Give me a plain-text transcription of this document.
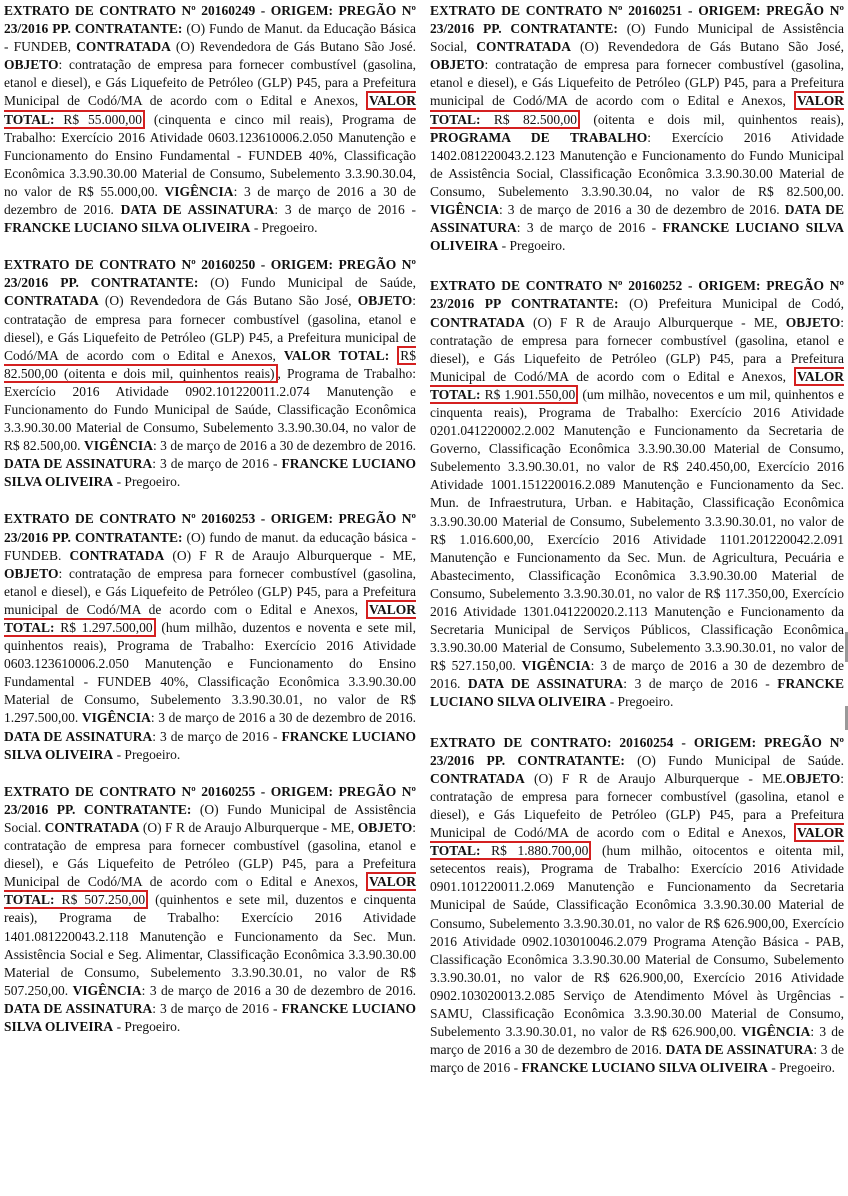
EXTRATO DE CONTRATO Nº 20160249 - ORIGEM: PREGÃO Nº 23/2016 PP. CONTRATANTE: (O) Fundo de Manut. da Educação Básica - FUNDEB, CONTRATADA (O) Revendedora de Gás Butano São José. OBJETO: contratação de empresa para fornecer combustível (gasolina, etanol e diesel), e Gás Liquefeito de Petróleo (GLP) P45, para a Prefeitura Municipal de Codó/MA de acordo com o Edital e Anexos, VALOR TOTAL: R$ 55.000,00 (cinquenta e cinco mil reais), Programa de Trabalho: Exercício 2016 Atividade 0603.123610006.2.050 Manutenção e Funcionamento do Ensino Fundamental - FUNDEB 40%, Classificação Econômica 3.3.90.30.00 Material de Consumo, Subelemento 3.3.90.30.04, no valor de R$ 55.000,00. VIGÊNCIA: 3 de março de 2016 a 30 de dezembro de 2016. DATA DE ASSINATURA: 3 de março de 2016 - FRANCKE LUCIANO SILVA OLIVEIRA - Pregoeiro.

EXTRATO DE CONTRATO Nº 20160250 - ORIGEM: PREGÃO Nº 23/2016 PP. CONTRATANTE: (O) Fundo Municipal de Saúde, CONTRATADA (O) Revendedora de Gás Butano São José, OBJETO: contratação de empresa para fornecer combustível (gasolina, etanol e diesel), e Gás Liquefeito de Petróleo (GLP) P45, a Prefeitura municipal de Codó/MA de acordo com o Edital e Anexos, VALOR TOTAL: R$ 82.500,00 (oitenta e dois mil, quinhentos reais) , Programa de Trabalho: Exercício 2016 Atividade 0902.101220011.2.074 Manutenção e Funcionamento do Fundo Municipal de Saúde, Classificação Econômica 3.3.90.30.00 Material de Consumo, Subelemento 3.3.90.30.04, no valor de R$ 82.500,00. VIGÊNCIA: 3 de março de 2016 a 30 de dezembro de 2016. DATA DE ASSINATURA: 3 de março de 2016 - FRANCKE LUCIANO SILVA OLIVEIRA - Pregoeiro.

EXTRATO DE CONTRATO Nº 20160253 - ORIGEM: PREGÃO Nº 23/2016 PP. CONTRATANTE: (O) fundo de manut. da educação básica - FUNDEB. CONTRATADA (O) F R de Araujo Alburquerque - ME, OBJETO: contratação de empresa para fornecer combustível (gasolina, etanol e diesel), e Gás Liquefeito de Petróleo (GLP) P45, para a Prefeitura municipal de Codó/MA de acordo com o Edital e Anexos, VALOR TOTAL: R$ 1.297.500,00 (hum milhão, duzentos e noventa e sete mil, quinhentos reais), Programa de Trabalho: Exercício 2016 Atividade 0603.123610006.2.050 Manutenção e Funcionamento do Ensino Fundamental - FUNDEB 40%, Classificação Econômica 3.3.90.30.00 Material de Consumo, Subelemento 3.3.90.30.01, no valor de R$ 1.297.500,00. VIGÊNCIA: 3 de março de 2016 a 30 de dezembro de 2016. DATA DE ASSINATURA: 3 de março de 2016 - FRANCKE LUCIANO SILVA OLIVEIRA - Pregoeiro.

EXTRATO DE CONTRATO Nº 20160255 - ORIGEM: PREGÃO Nº 23/2016 PP. CONTRATANTE: (O) Fundo Municipal de Assistência Social. CONTRATADA (O) F R de Araujo Alburquerque - ME, OBJETO: contratação de empresa para fornecer combustível (gasolina, etanol e diesel), e Gás Liquefeito de Petróleo (GLP) P45, para a Prefeitura Municipal de Codó/MA de acordo com o Edital e Anexos, VALOR TOTAL: R$ 507.250,00 (quinhentos e sete mil, duzentos e cinquenta reais), Programa de Trabalho: Exercício 2016 Atividade 1401.081220043.2.118 Manutenção e Funcionamento da Sec. Mun. Assistência Social e Seg. Alimentar, Classificação Econômica 3.3.90.30.00 Material de Consumo, Subelemento 3.3.90.30.01, no valor de R$ 507.250,00. VIGÊNCIA: 3 de março de 2016 a 30 de dezembro de 2016. DATA DE ASSINATURA: 3 de março de 2016 - FRANCKE LUCIANO SILVA OLIVEIRA - Pregoeiro.

EXTRATO DE CONTRATO Nº 20160251 - ORIGEM: PREGÃO Nº 23/2016 PP. CONTRATANTE: (O) Fundo Municipal de Assistência Social, CONTRATADA (O) Revendedora de Gás Butano São José, OBJETO: contratação de empresa para fornecer combustível (gasolina, etanol e diesel), e Gás Liquefeito de Petróleo (GLP) P45, para a Prefeitura municipal de Codó/MA de acordo com o Edital e Anexos, VALOR TOTAL: R$ 82.500,00 (oitenta e dois mil, quinhentos reais), PROGRAMA DE TRABALHO: Exercício 2016 Atividade 1402.081220043.2.123 Manutenção e Funcionamento do Fundo Municipal de Assistência Social, Classificação Econômica 3.3.90.30.00 Material de Consumo, Subelemento 3.3.90.30.04, no valor de R$ 82.500,00. VIGÊNCIA: 3 de março de 2016 a 30 de dezembro de 2016. DATA DE ASSINATURA: 3 de março de 2016 - FRANCKE LUCIANO SILVA OLIVEIRA - Pregoeiro.

EXTRATO DE CONTRATO Nº 20160252 - ORIGEM: PREGÃO Nº 23/2016 PP CONTRATANTE: (O) Prefeitura Municipal de Codó, CONTRATADA (O) F R de Araujo Alburquerque - ME, OBJETO: contratação de empresa para fornecer combustível (gasolina, etanol e diesel), e Gás Liquefeito de Petróleo (GLP) P45, para a Prefeitura Municipal de Codó/MA de acordo com o Edital e Anexos, VALOR TOTAL: R$ 1.901.550,00 (um milhão, novecentos e um mil, quinhentos e cinquenta reais), Programa de Trabalho: Exercício 2016 Atividade 0201.041220002.2.002 Manutenção e Funcionamento da Secretaria de Governo, Classificação Econômica 3.3.90.30.00 Material de Consumo, Subelemento 3.3.90.30.01, no valor de R$ 240.450,00, Exercício 2016 Atividade 1001.151220016.2.089 Manutenção e Funcionamento da Sec. Mun. de Infraestrutura, Urban. e Habitação, Classificação Econômica 3.3.90.30.00 Material de Consumo, Subelemento 3.3.90.30.01, no valor de R$ 1.016.600,00, Exercício 2016 Atividade 1101.201220042.2.091 Manutenção e Funcionamento da Sec. Mun. de Agricultura, Pecuária e Abastecimento, Classificação Econômica 3.3.90.30.00 Material de Consumo, Subelemento 3.3.90.30.01, no valor de R$ 117.350,00, Exercício 2016 Atividade 1301.041220020.2.113 Manutenção e Funcionamento da Secretaria Municipal de Serviços Públicos, Classificação Econômica 3.3.90.30.00 Material de Consumo, Subelemento 3.3.90.30.01, no valor de R$ 527.150,00. VIGÊNCIA: 3 de março de 2016 a 30 de dezembro de 2016. DATA DE ASSINATURA: 3 de março de 2016 - FRANCKE LUCIANO SILVA OLIVEIRA - Pregoeiro.

EXTRATO DE CONTRATO: 20160254 - ORIGEM: PREGÃO Nº 23/2016 PP. CONTRATANTE: (O) Fundo Municipal de Saúde. CONTRATADA (O) F R de Araujo Alburquerque - ME.OBJETO: contratação de empresa para fornecer combustível (gasolina, etanol e diesel), e Gás Liquefeito de Petróleo (GLP) P45, para a Prefeitura Municipal de Codó/MA de acordo com o Edital e Anexos, VALOR TOTAL: R$ 1.880.700,00 (hum milhão, oitocentos e oitenta mil, setecentos reais), Programa de Trabalho: Exercício 2016 Atividade 0901.101220011.2.069 Manutenção e Funcionamento da Secretaria Municipal de Saúde, Classificação Econômica 3.3.90.30.00 Material de Consumo, Subelemento 3.3.90.30.01, no valor de R$ 626.900,00, Exercício 2016 Atividade 0902.103010046.2.079 Programa Atenção Básica - PAB, Classificação Econômica 3.3.90.30.00 Material de Consumo, Subelemento 3.3.90.30.01, no valor de R$ 626.900,00, Exercício 2016 Atividade 0902.103020013.2.085 Serviço de Atendimento Móvel às Urgências - SAMU, Classificação Econômica 3.3.90.30.00 Material de Consumo, Subelemento 3.3.90.30.01, no valor de R$ 626.900,00. VIGÊNCIA: 3 de março de 2016 a 30 de dezembro de 2016. DATA DE ASSINATURA: 3 de março de 2016 - FRANCKE LUCIANO SILVA OLIVEIRA - Pregoeiro.
